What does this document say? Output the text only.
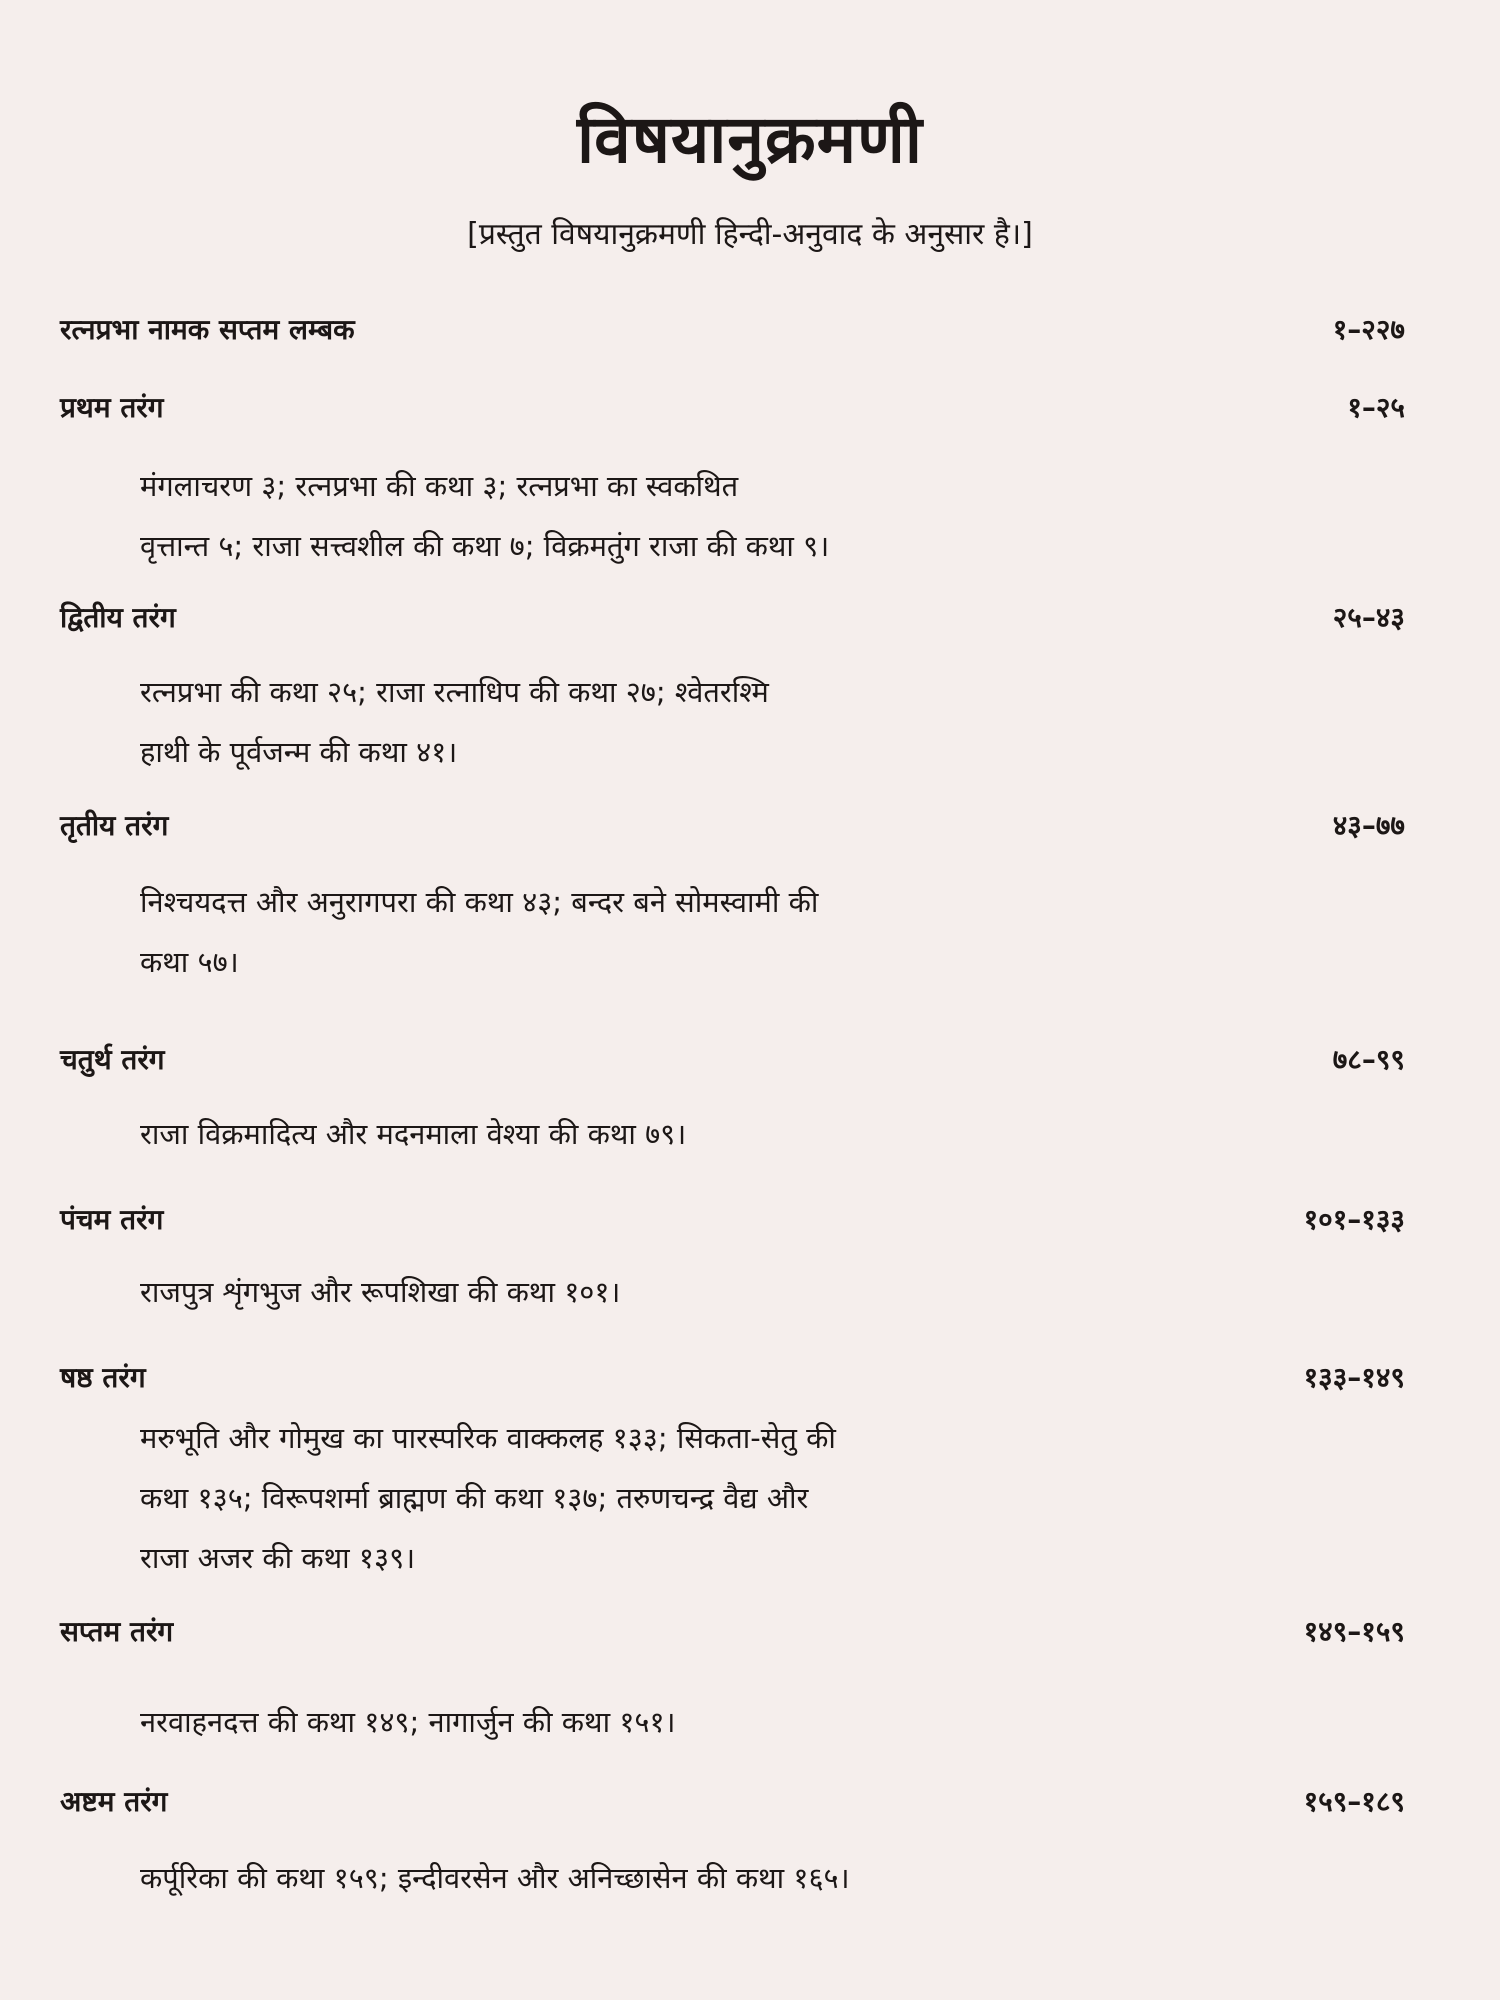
विषयानुक्रमणी
[प्रस्तुत विषयानुक्रमणी हिन्दी-अनुवाद के अनुसार है।]
रत्नप्रभा नामक सप्तम लम्बक	१–२२७
प्रथम तरंग	१–२५

मंगलाचरण ३; रत्नप्रभा की कथा ३; रत्नप्रभा का स्वकथित

वृत्तान्त ५; राजा सत्त्वशील की कथा ७; विक्रमतुंग राजा की कथा ९।

द्वितीय तरंग	२५–४३

रत्नप्रभा की कथा २५; राजा रत्नाधिप की कथा २७; श्वेतरश्मि

हाथी के पूर्वजन्म की कथा ४१।

तृतीय तरंग	४३–७७

निश्चयदत्त और अनुरागपरा की कथा ४३; बन्दर बने सोमस्वामी की

कथा ५७।

चतुर्थ तरंग	७८–९९

राजा विक्रमादित्य और मदनमाला वेश्या की कथा ७९।

पंचम तरंग	१०१–१३३

राजपुत्र शृंगभुज और रूपशिखा की कथा १०१।

षष्ठ तरंग	१३३–१४९

मरुभूति और गोमुख का पारस्परिक वाक्कलह १३३; सिकता-सेतु की

कथा १३५; विरूपशर्मा ब्राह्मण की कथा १३७; तरुणचन्द्र वैद्य और

राजा अजर की कथा १३९।

सप्तम तरंग	१४९–१५९

नरवाहनदत्त की कथा १४९; नागार्जुन की कथा १५१।

अष्टम तरंग	१५९–१८९

कर्पूरिका की कथा १५९; इन्दीवरसेन और अनिच्छासेन की कथा १६५।
